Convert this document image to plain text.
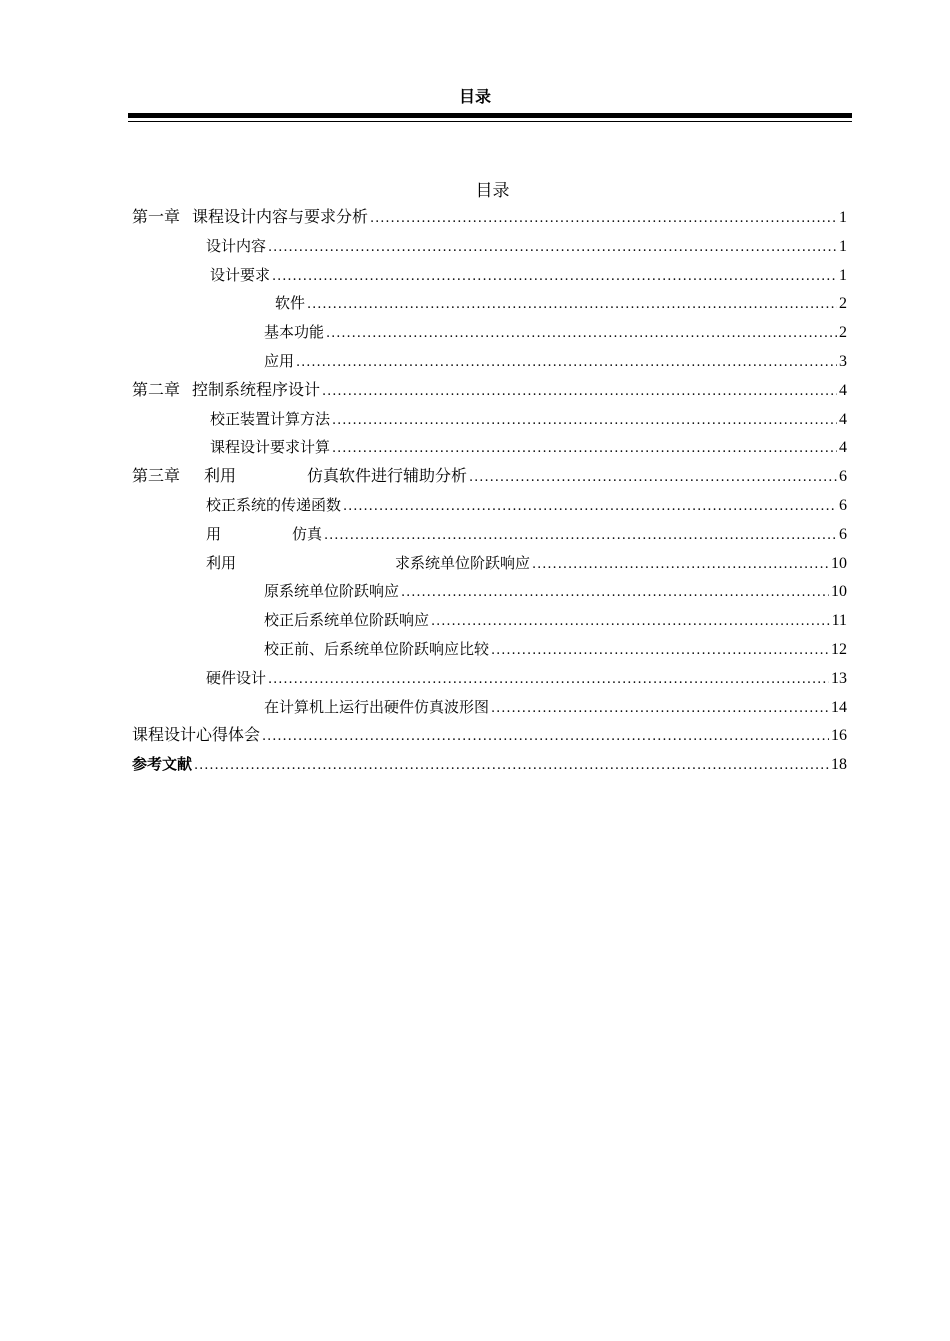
目录
目录
第一章 课程设计内容与要求分析 .....	1
设计内容 .....	1
设计要求 .....	1
软件 .....	2
基本功能 .....	2
应用 .....	3
第二章 控制系统程序设计 .....	4
校正装置计算方法 .....	4
课程设计要求计算 .....	4
第三章 利用	仿真软件进行辅助分析 .....	6
校正系统的传递函数 .....	6
用	仿真 .....	6
利用	求系统单位阶跃响应 .....	10
原系统单位阶跃响应 .....	10
校正后系统单位阶跃响应 .....	11
校正前、后系统单位阶跃响应比较 .....	12
硬件设计 .....	13
在计算机上运行出硬件仿真波形图 .....	14
课程设计心得体会 .....	16
参考文献 .....	18
